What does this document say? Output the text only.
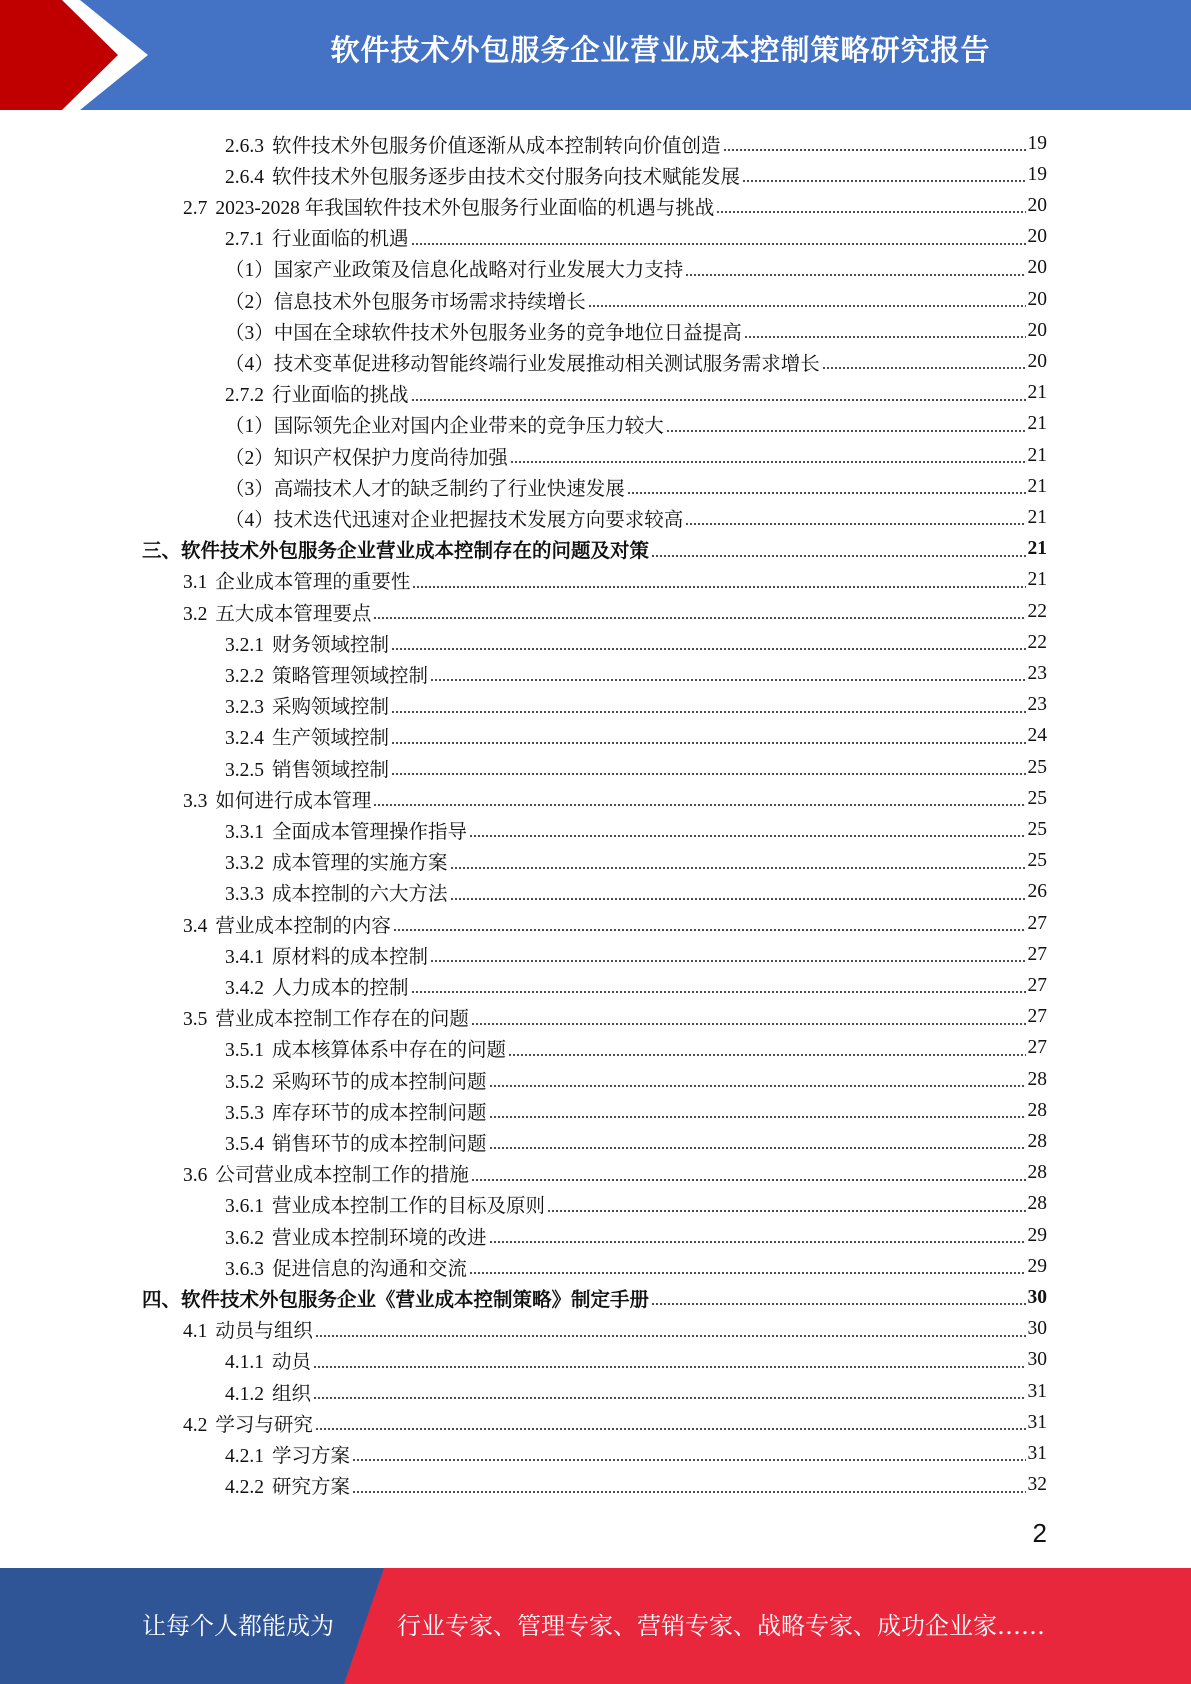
软件技术外包服务企业营业成本控制策略研究报告
2.6.3 软件技术外包服务价值逐渐从成本控制转向价值创造	19
2.6.4 软件技术外包服务逐步由技术交付服务向技术赋能发展	19
2.7 2023-2028 年我国软件技术外包服务行业面临的机遇与挑战	20
2.7.1 行业面临的机遇	20
（1）国家产业政策及信息化战略对行业发展大力支持	20
（2）信息技术外包服务市场需求持续增长	20
（3）中国在全球软件技术外包服务业务的竞争地位日益提高	20
（4）技术变革促进移动智能终端行业发展推动相关测试服务需求增长	20
2.7.2 行业面临的挑战	21
（1）国际领先企业对国内企业带来的竞争压力较大	21
（2）知识产权保护力度尚待加强	21
（3）高端技术人才的缺乏制约了行业快速发展	21
（4）技术迭代迅速对企业把握技术发展方向要求较高	21
三、软件技术外包服务企业营业成本控制存在的问题及对策	21
3.1 企业成本管理的重要性	21
3.2 五大成本管理要点	22
3.2.1 财务领域控制	22
3.2.2 策略管理领域控制	23
3.2.3 采购领域控制	23
3.2.4 生产领域控制	24
3.2.5 销售领域控制	25
3.3 如何进行成本管理	25
3.3.1 全面成本管理操作指导	25
3.3.2 成本管理的实施方案	25
3.3.3 成本控制的六大方法	26
3.4 营业成本控制的内容	27
3.4.1 原材料的成本控制	27
3.4.2 人力成本的控制	27
3.5 营业成本控制工作存在的问题	27
3.5.1 成本核算体系中存在的问题	27
3.5.2 采购环节的成本控制问题	28
3.5.3 库存环节的成本控制问题	28
3.5.4 销售环节的成本控制问题	28
3.6 公司营业成本控制工作的措施	28
3.6.1 营业成本控制工作的目标及原则	28
3.6.2 营业成本控制环境的改进	29
3.6.3 促进信息的沟通和交流	29
四、软件技术外包服务企业《营业成本控制策略》制定手册	30
4.1 动员与组织	30
4.1.1 动员	30
4.1.2 组织	31
4.2 学习与研究	31
4.2.1 学习方案	31
4.2.2 研究方案	32
2
让每个人都能成为	行业专家、管理专家、营销专家、战略专家、成功企业家……
